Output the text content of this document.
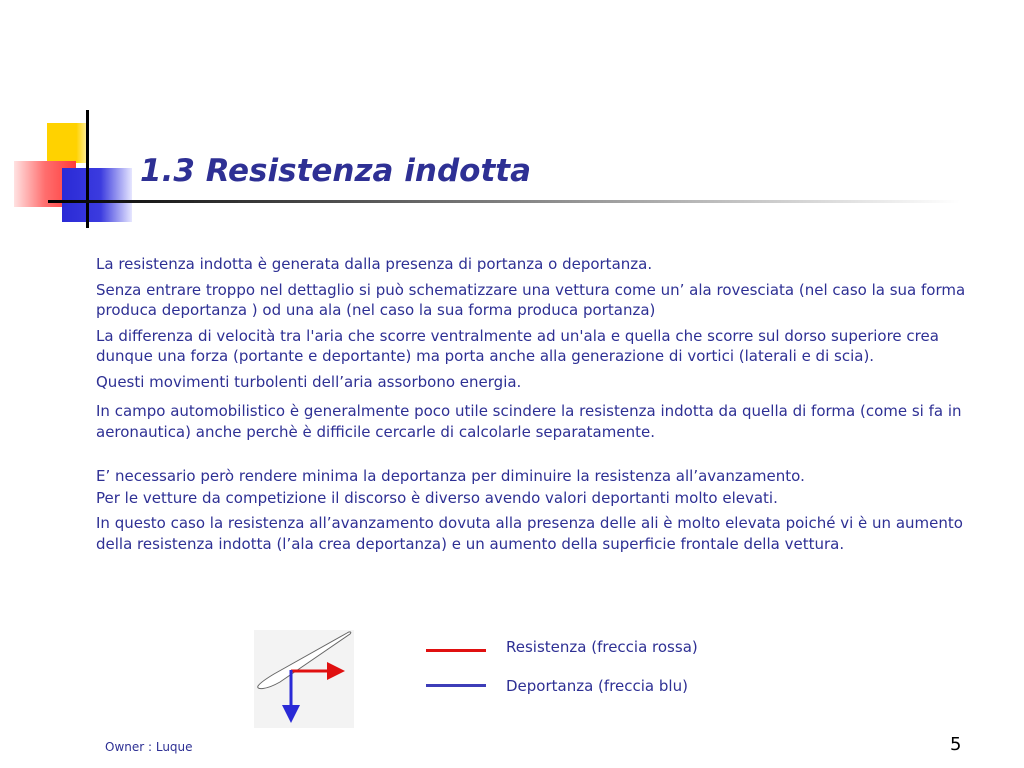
1.3 Resistenza indotta

La resistenza indotta è generata dalla presenza di portanza o deportanza.

Senza entrare troppo nel dettaglio si può schematizzare una vettura come un’ ala rovesciata (nel caso la sua forma produca deportanza ) od una ala (nel caso la sua forma produca portanza)

La differenza di velocità tra l'aria che scorre ventralmente ad un'ala e quella che scorre sul dorso superiore crea dunque una forza (portante e deportante) ma porta anche alla generazione di vortici (laterali e di scia).

Questi movimenti turbolenti dell’aria assorbono energia.

In campo automobilistico è generalmente poco utile scindere la resistenza indotta da quella di forma (come si fa in aeronautica) anche perchè è difficile cercarle di calcolarle separatamente.

E’ necessario però rendere minima la deportanza per diminuire la resistenza all’avanzamento.

Per le vetture da competizione il discorso è diverso avendo valori deportanti molto elevati.

In questo caso la resistenza all’avanzamento dovuta alla presenza delle ali è molto elevata poiché vi è un aumento della resistenza indotta (l’ala crea deportanza) e un aumento della superficie frontale della vettura.

Resistenza (freccia rossa)
Deportanza (freccia blu)
Owner : Luque	5
